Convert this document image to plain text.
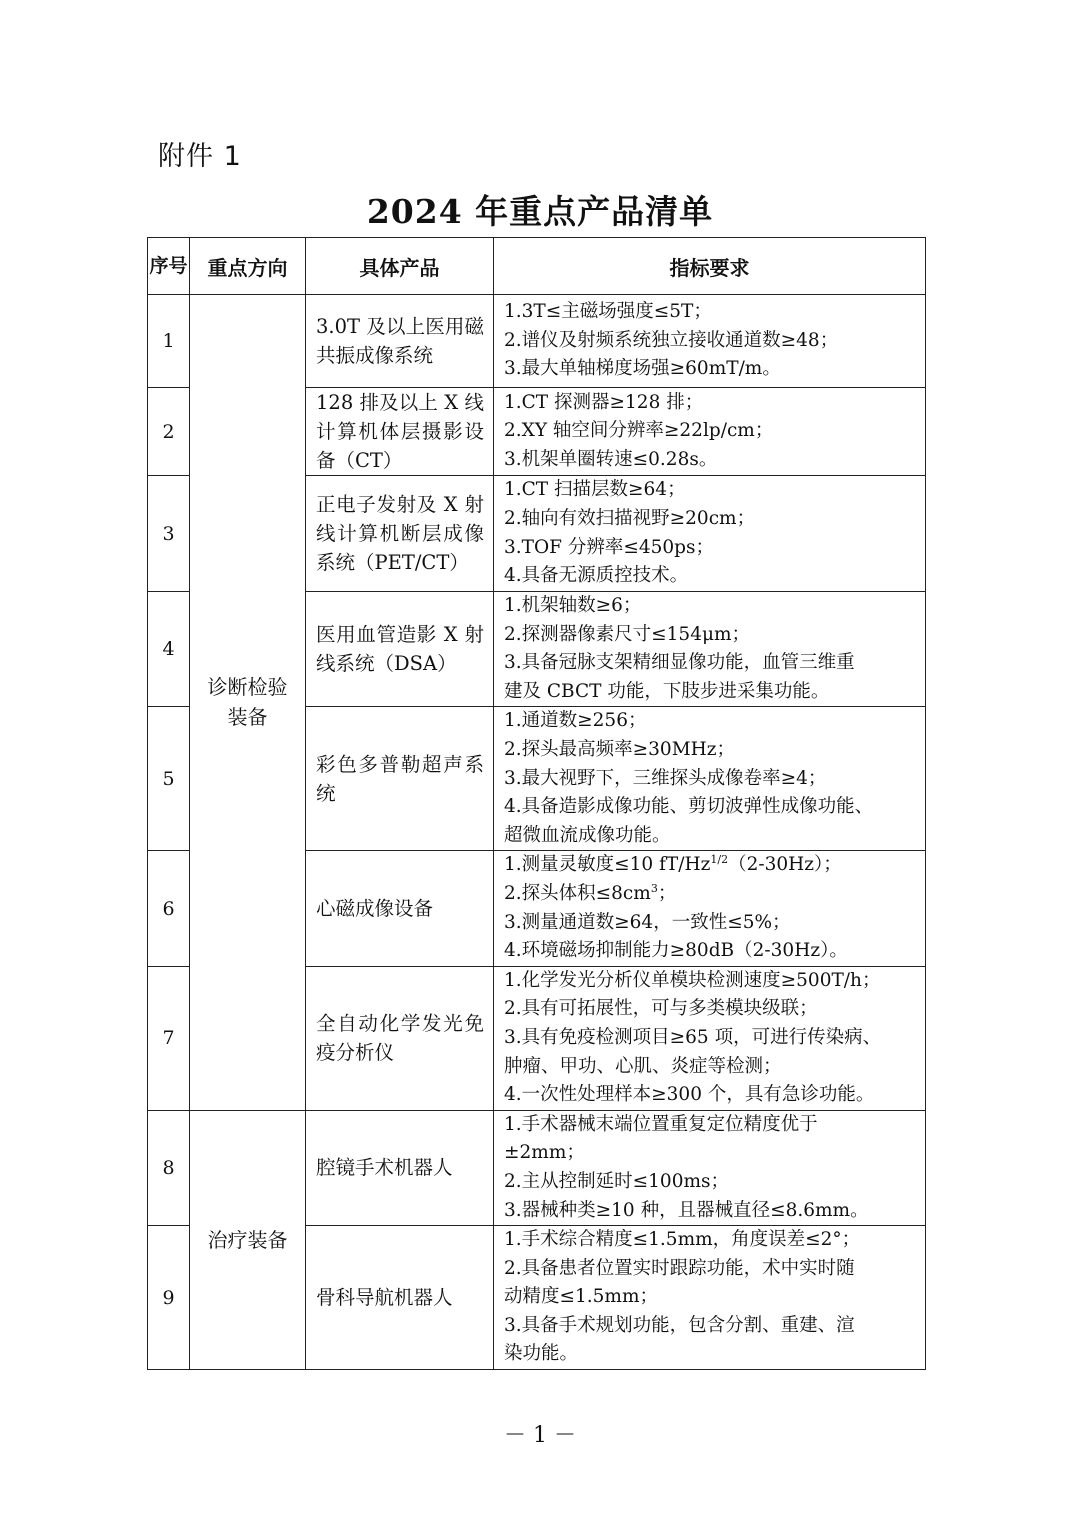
附件 1
2024 年重点产品清单
序号	重点方向	具体产品	指标要求
1	诊断检验装备	3.0T 及以上医用磁共振成像系统	1.3T≤主磁场强度≤5T；
2.谱仪及射频系统独立接收通道数≥48；
3.最大单轴梯度场强≥60mT/m。

2		128 排及以上 X 线计算机体层摄影设备（CT）	1.CT 探测器≥128 排；
2.XY 轴空间分辨率≥22lp/cm；
3.机架单圈转速≤0.28s。

3		正电子发射及 X 射线计算机断层成像系统（PET/CT）	1.CT 扫描层数≥64；
2.轴向有效扫描视野≥20cm；
3.TOF 分辨率≤450ps；
4.具备无源质控技术。

4		医用血管造影 X 射线系统（DSA）	1.机架轴数≥6；
2.探测器像素尺寸≤154μm；
3.具备冠脉支架精细显像功能，血管三维重
建及 CBCT 功能，下肢步进采集功能。

5		彩色多普勒超声系统	1.通道数≥256；
2.探头最高频率≥30MHz；
3.最大视野下，三维探头成像卷率≥4；
4.具备造影成像功能、剪切波弹性成像功能、
超微血流成像功能。

6		心磁成像设备	1.测量灵敏度≤10 $fT/Hz^{1/2}(2-30Hz)$；
2.探头体积$\le 8cm^3$；
3.测量通道数≥64，一致性≤5%；
4.环境磁场抑制能力≥80dB（2-30Hz）。

7		全自动化学发光免疫分析仪	1.化学发光分析仪单模块检测速度≥500T/h；
2.具有可拓展性，可与多类模块级联；
3.具有免疫检测项目≥65 项，可进行传染病、
肿瘤、甲功、心肌、炎症等检测；
4.一次性处理样本≥300 个，具有急诊功能。

8	治疗装备	腔镜手术机器人	1.手术器械末端位置重复定位精度优于
±2mm；
2.主从控制延时≤100ms；
3.器械种类≥10 种，且器械直径≤8.6mm。

9		骨科导航机器人	1.手术综合精度≤1.5mm，角度误差≤2°；
2.具备患者位置实时跟踪功能，术中实时随
动精度≤1.5mm；
3.具备手术规划功能，包含分割、重建、渲
染功能。
－ 1 －
